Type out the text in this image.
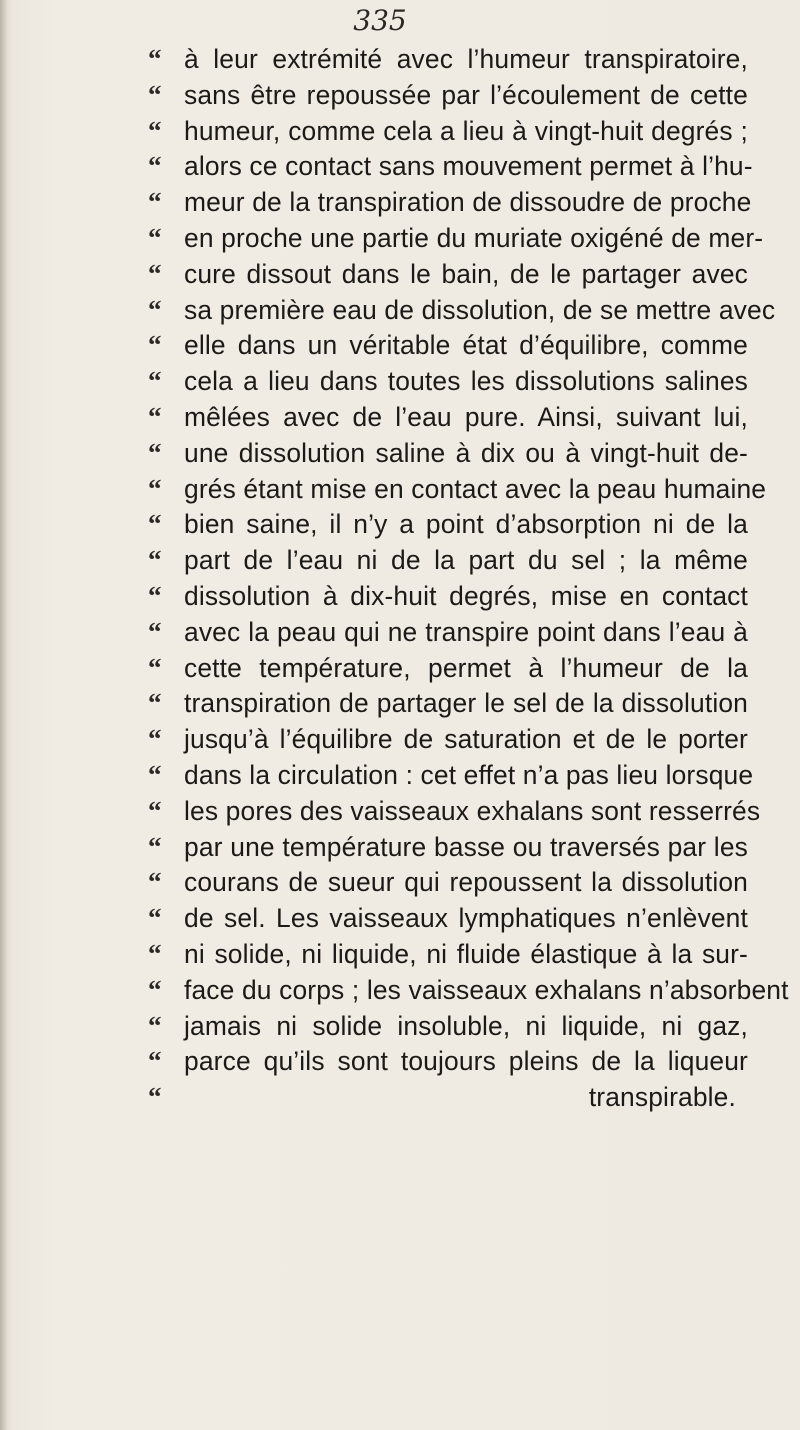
335
“ à leur extrémité avec l’humeur transpiratoire,
“ sans être repoussée par l’écoulement de cette
“ humeur, comme cela a lieu à vingt-huit degrés ;
“ alors ce contact sans mouvement permet à l’hu-
“ meur de la transpiration de dissoudre de proche
“ en proche une partie du muriate oxigéné de mer-
“ cure dissout dans le bain, de le partager avec
“ sa première eau de dissolution, de se mettre avec
“ elle dans un véritable état d’équilibre, comme
“ cela a lieu dans toutes les dissolutions salines
“ mêlées avec de l’eau pure. Ainsi, suivant lui,
“ une dissolution saline à dix ou à vingt-huit de-
“ grés étant mise en contact avec la peau humaine
“ bien saine, il n’y a point d’absorption ni de la
“ part de l’eau ni de la part du sel ; la même
“ dissolution à dix-huit degrés, mise en contact
“ avec la peau qui ne transpire point dans l’eau à
“ cette température, permet à l’humeur de la
“ transpiration de partager le sel de la dissolution
“ jusqu’à l’équilibre de saturation et de le porter
“ dans la circulation : cet effet n’a pas lieu lorsque
“ les pores des vaisseaux exhalans sont resserrés
“ par une température basse ou traversés par les
“ courans de sueur qui repoussent la dissolution
“ de sel. Les vaisseaux lymphatiques n’enlèvent
“ ni solide, ni liquide, ni fluide élastique à la sur-
“ face du corps ; les vaisseaux exhalans n’absorbent
“ jamais ni solide insoluble, ni liquide, ni gaz,
“ parce qu’ils sont toujours pleins de la liqueur
“	transpirable.
